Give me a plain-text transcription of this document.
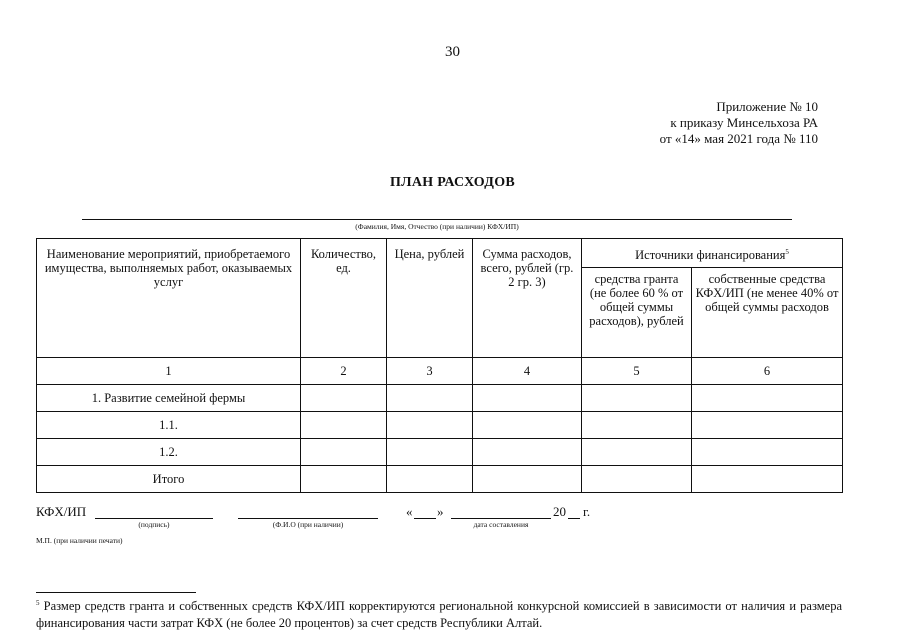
30
Приложение № 10
к приказу Минсельхоза РА
от «14» мая 2021 года № 110
ПЛАН РАСХОДОВ
(Фамилия, Имя, Отчество (при наличии) КФХ/ИП)
Наименование мероприятий, приобретаемого имущества, выполняемых работ, оказываемых услуг	Количество, ед.	Цена, рублей	Сумма расходов, всего, рублей (гр. 2 гр. 3)	Источники финансирования$^5$
				средства гранта (не более 60 % от общей суммы расходов), рублей	собственные средства КФХ/ИП (не менее 40% от общей суммы расходов
1	2	3	4	5	6
1. Развитие семейной фермы					
1.1.					
1.2.					
Итого					
КФХ/ИП
(подпись)	(Ф.И.О (при наличии)
« »	20 г.
дата составления
М.П. (при наличии печати)
$^5$ Размер средств гранта и собственных средств КФХ/ИП корректируются региональной конкурсной комиссией в зависимости от наличия и размера финансирования части затрат КФХ (не более 20 процентов) за счет средств Республики Алтай.
